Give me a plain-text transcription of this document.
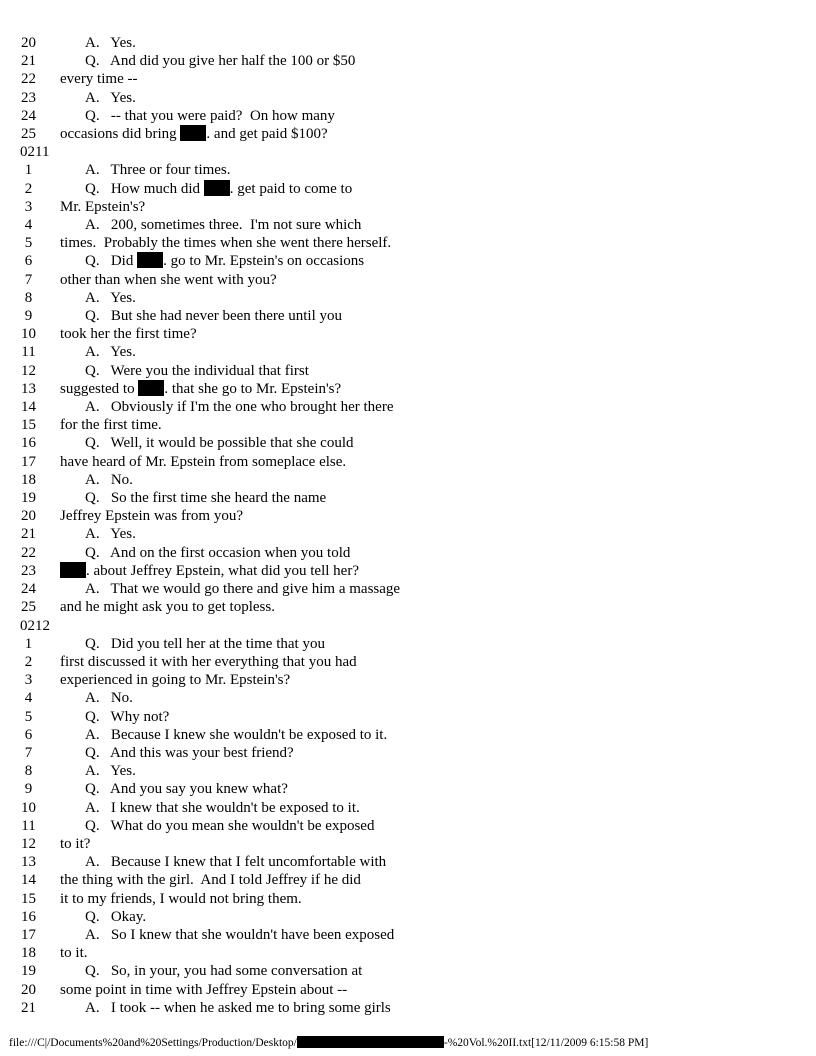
20	A.   Yes.
21	Q.   And did you give her half the 100 or $50
22 every time --
23	A.   Yes.
24	Q.   -- that you were paid?  On how many
25 occasions did bring . and get paid $100?
0211
1	A.   Three or four times.
2	Q.   How much did . get paid to come to
3	Mr. Epstein's?
4	A.   200, sometimes three.  I'm not sure which
5	times.  Probably the times when she went there herself.
6	Q.   Did . go to Mr. Epstein's on occasions
7	other than when she went with you?
8	A.   Yes.
9	Q.   But she had never been there until you
10 took her the first time?
11	A.   Yes.
12	Q.   Were you the individual that first
13 suggested to . that she go to Mr. Epstein's?
14	A.   Obviously if I'm the one who brought her there
15 for the first time.
16	Q.   Well, it would be possible that she could
17 have heard of Mr. Epstein from someplace else.
18	A.   No.
19	Q.   So the first time she heard the name
20 Jeffrey Epstein was from you?
21	A.   Yes.
22	Q.   And on the first occasion when you told
23	. about Jeffrey Epstein, what did you tell her?
24	A.   That we would go there and give him a massage
25 and he might ask you to get topless.
0212
1	Q.   Did you tell her at the time that you
2	first discussed it with her everything that you had
3	experienced in going to Mr. Epstein's?
4	A.   No.
5	Q.   Why not?
6	A.   Because I knew she wouldn't be exposed to it.
7	Q.   And this was your best friend?
8	A.   Yes.
9	Q.   And you say you knew what?
10	A.   I knew that she wouldn't be exposed to it.
11	Q.   What do you mean she wouldn't be exposed
12 to it?
13	A.   Because I knew that I felt uncomfortable with
14 the thing with the girl.  And I told Jeffrey if he did
15 it to my friends, I would not bring them.
16	Q.   Okay.
17	A.   So I knew that she wouldn't have been exposed
18 to it.
19	Q.   So, in your, you had some conversation at
20 some point in time with Jeffrey Epstein about --
21	A.   I took -- when he asked me to bring some girls
file:///C|/Documents%20and%20Settings/Production/Desktop/	-%20Vol.%20II.txt[12/11/2009 6:15:58 PM]
